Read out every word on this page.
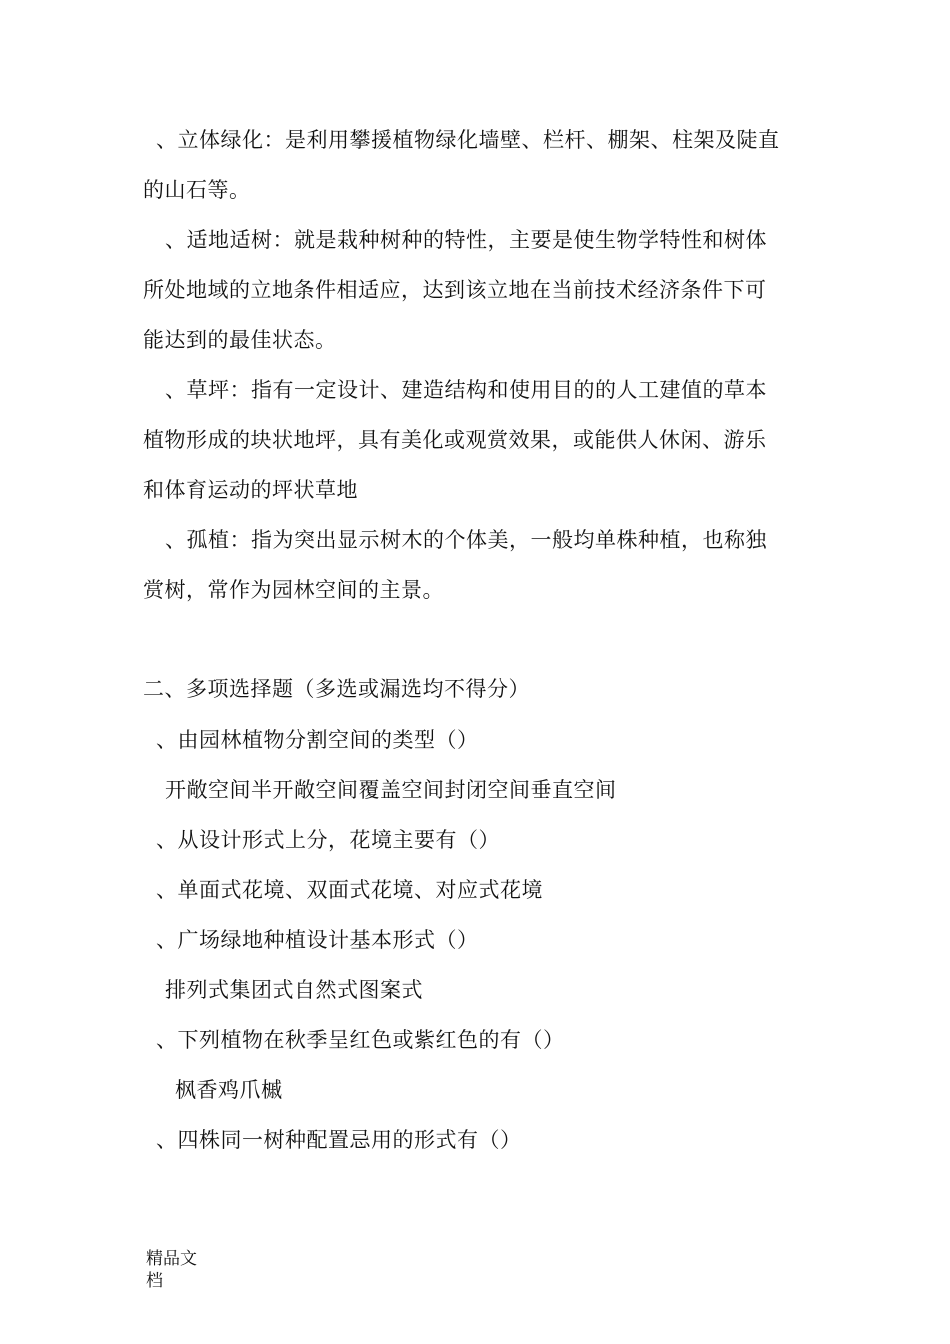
、立体绿化：是利用攀援植物绿化墙壁、栏杆、棚架、柱架及陡直
的山石等。
、适地适树：就是栽种树种的特性，主要是使生物学特性和树体
所处地域的立地条件相适应，达到该立地在当前技术经济条件下可
能达到的最佳状态。
、草坪：指有一定设计、建造结构和使用目的的人工建值的草本
植物形成的块状地坪，具有美化或观赏效果，或能供人休闲、游乐
和体育运动的坪状草地
、孤植：指为突出显示树木的个体美，一般均单株种植，也称独
赏树，常作为园林空间的主景。
二、多项选择题（多选或漏选均不得分）
、由园林植物分割空间的类型（）
开敞空间半开敞空间覆盖空间封闭空间垂直空间
、从设计形式上分，花境主要有（）
、单面式花境、双面式花境、对应式花境
、广场绿地种植设计基本形式（）
排列式集团式自然式图案式
、下列植物在秋季呈红色或紫红色的有（）
枫香鸡爪槭
、四株同一树种配置忌用的形式有（）
精品文
档
